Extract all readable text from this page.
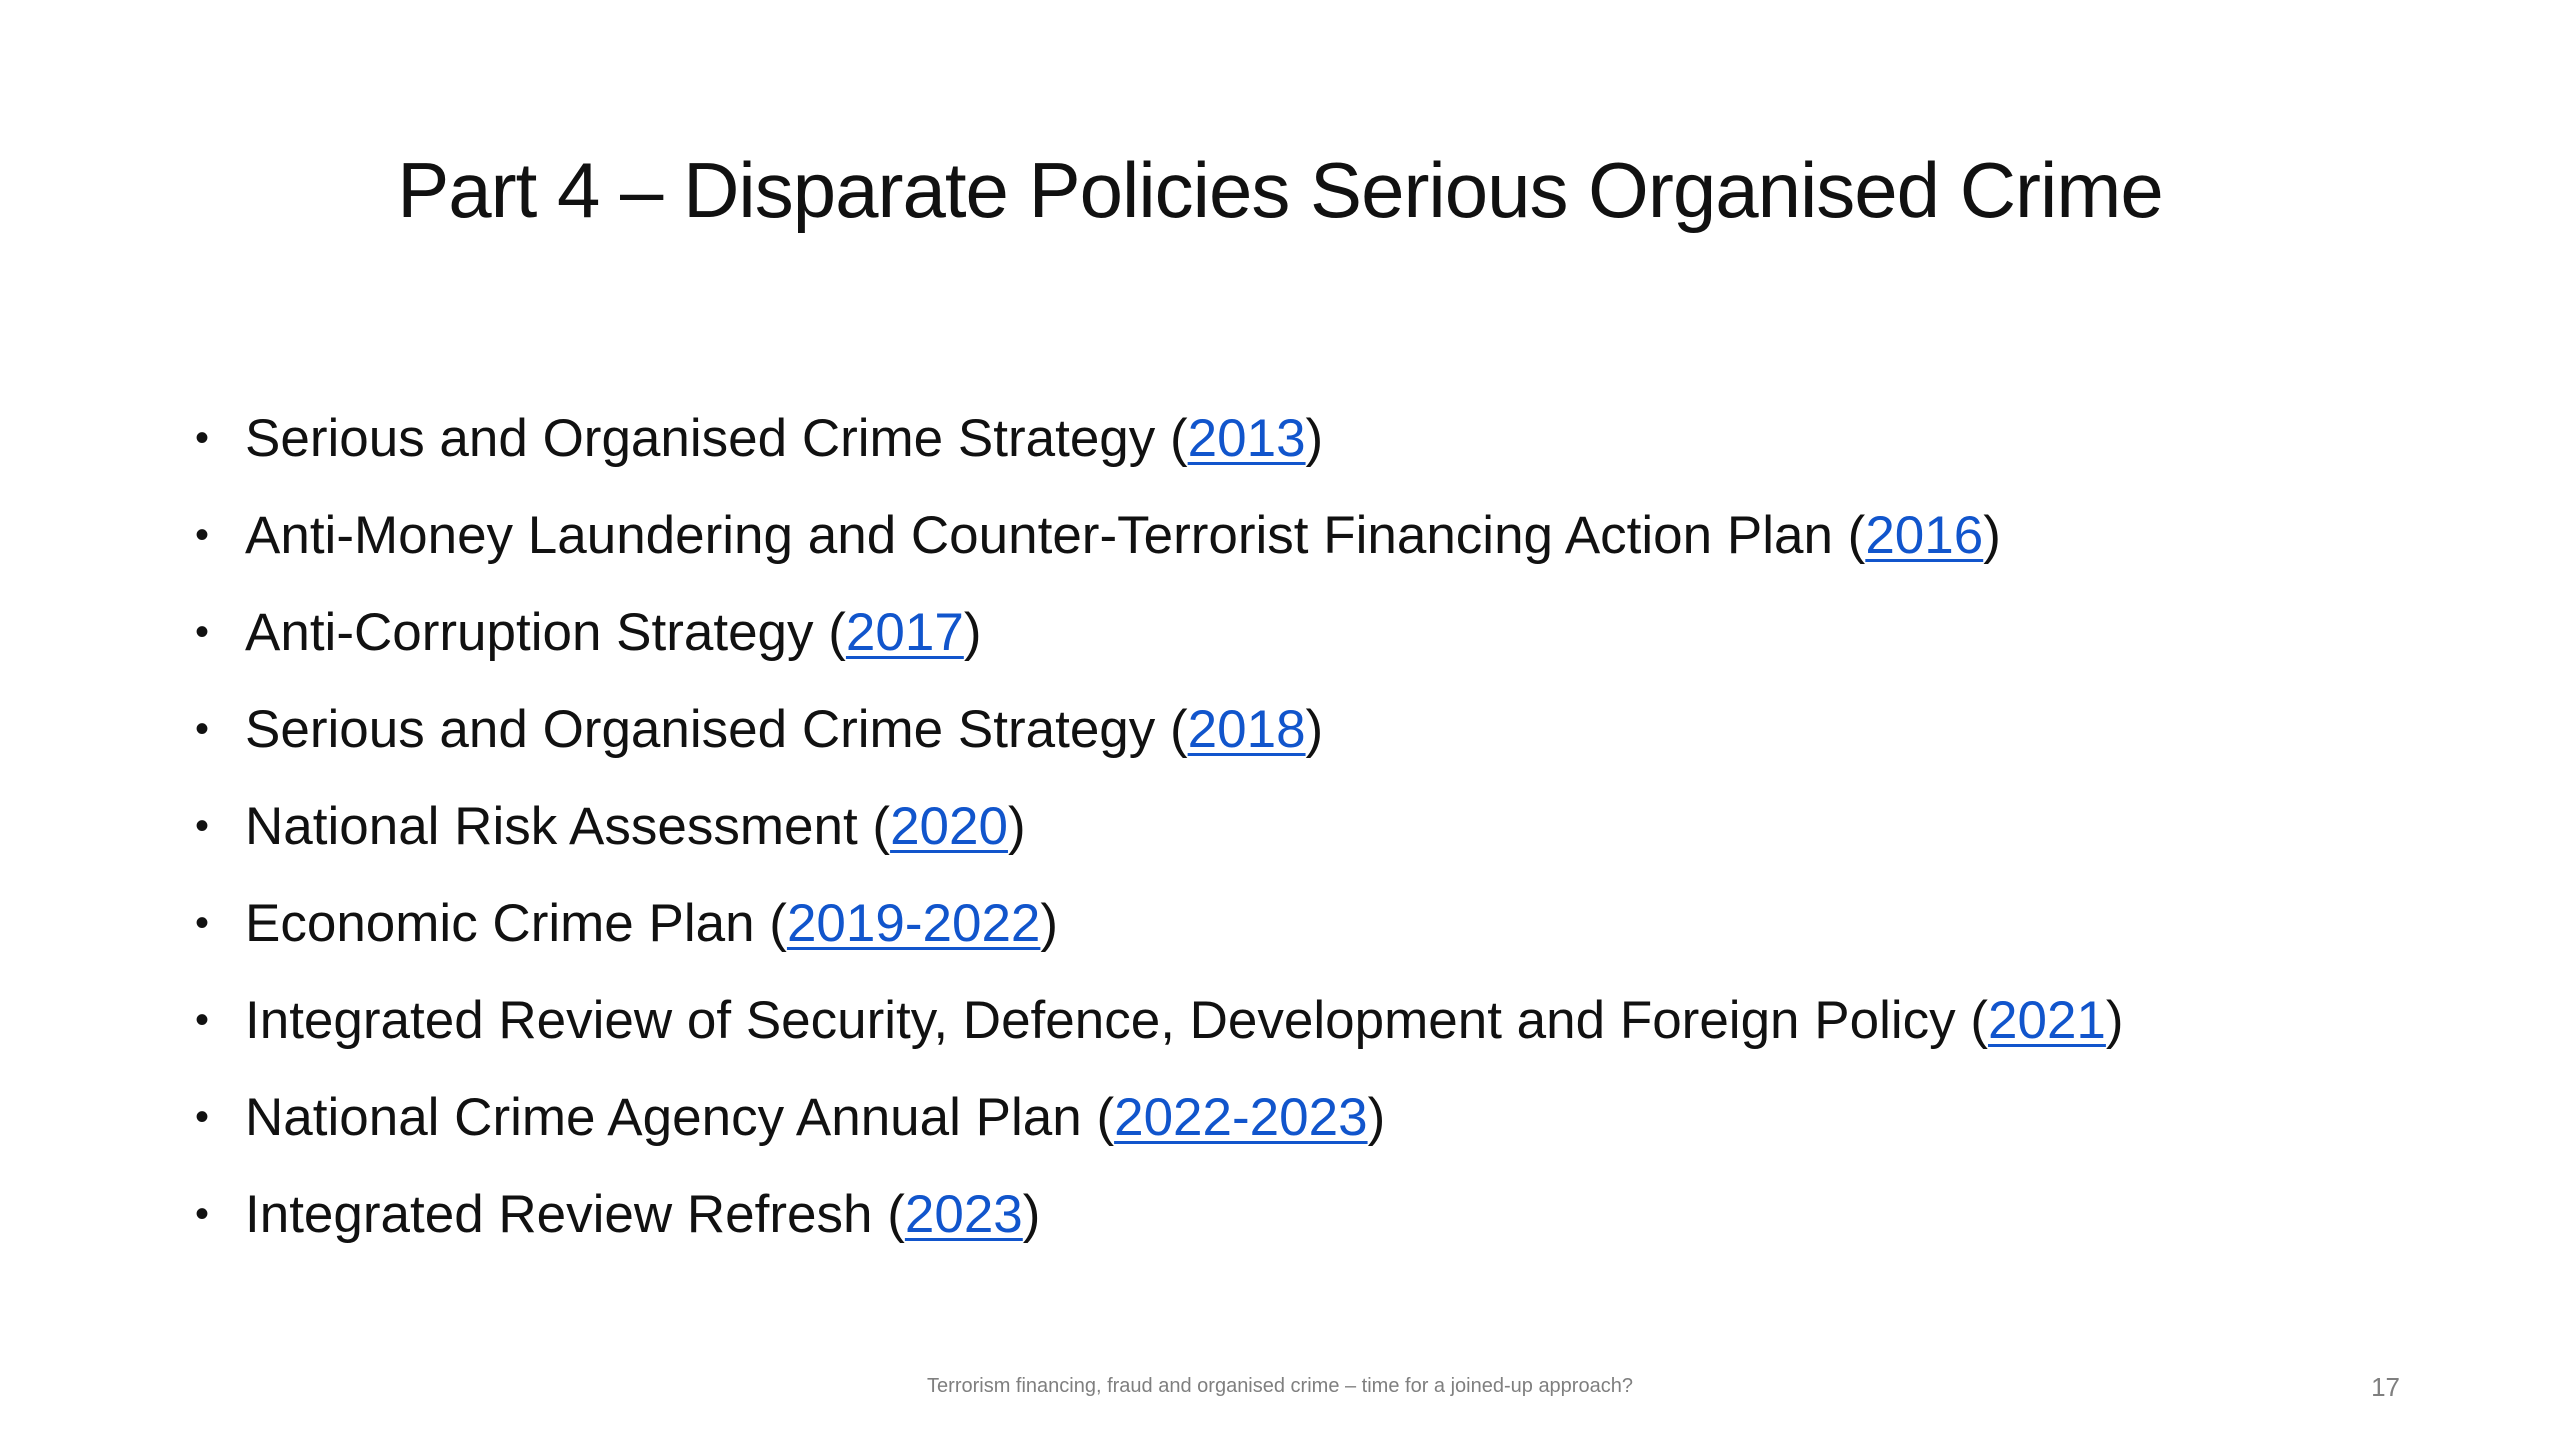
Part 4 – Disparate Policies Serious Organised Crime
• Serious and Organised Crime Strategy (2013)
• Anti-Money Laundering and Counter-Terrorist Financing Action Plan (2016)
• Anti-Corruption Strategy (2017)
• Serious and Organised Crime Strategy (2018)
• National Risk Assessment (2020)
• Economic Crime Plan (2019-2022)
• Integrated Review of Security, Defence, Development and Foreign Policy (2021)
• National Crime Agency Annual Plan (2022-2023)
• Integrated Review Refresh (2023)
Terrorism financing, fraud and organised crime – time for a joined-up approach?	17
